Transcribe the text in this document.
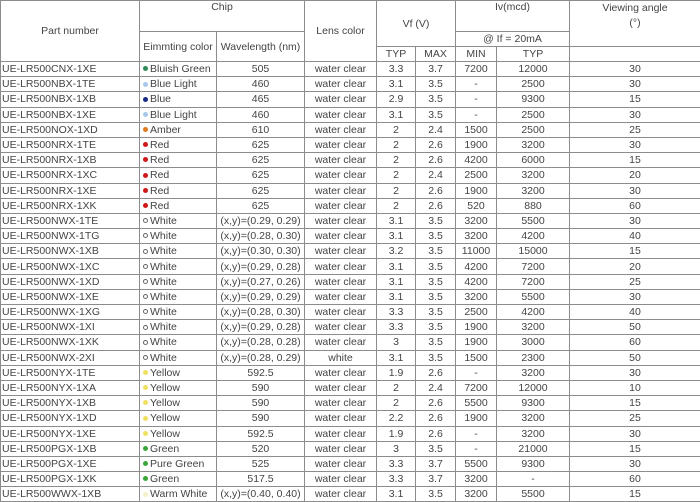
Part number	Chip		Lens color	Vf (V)		Iv(mcd)		Viewing angle
(°)
	Eimmting color	Wavelength (nm)				@ If = 20mA		
				TYP	MAX	MIN	TYP	
UE-LR500CNX-1XE	Bluish Green	505	water clear	3.3	3.7	7200	12000	30
UE-LR500NBX-1TE	Blue Light	460	water clear	3.1	3.5	-	2500	30
UE-LR500NBX-1XB	Blue	465	water clear	2.9	3.5	-	9300	15
UE-LR500NBX-1XE	Blue Light	460	water clear	3.1	3.5	-	2500	30
UE-LR500NOX-1XD	Amber	610	water clear	2	2.4	1500	2500	25
UE-LR500NRX-1TE	Red	625	water clear	2	2.6	1900	3200	30
UE-LR500NRX-1XB	Red	625	water clear	2	2.6	4200	6000	15
UE-LR500NRX-1XC	Red	625	water clear	2	2.4	2500	3200	20
UE-LR500NRX-1XE	Red	625	water clear	2	2.6	1900	3200	30
UE-LR500NRX-1XK	Red	625	water clear	2	2.6	520	880	60
UE-LR500NWX-1TE	White	(x,y)=(0.29, 0.29)	water clear	3.1	3.5	3200	5500	30
UE-LR500NWX-1TG	White	(x,y)=(0.28, 0.30)	water clear	3.1	3.5	3200	4200	40
UE-LR500NWX-1XB	White	(x,y)=(0.30, 0.30)	water clear	3.2	3.5	11000	15000	15
UE-LR500NWX-1XC	White	(x,y)=(0.29, 0.28)	water clear	3.1	3.5	4200	7200	20
UE-LR500NWX-1XD	White	(x,y)=(0.27, 0.26)	water clear	3.1	3.5	4200	7200	25
UE-LR500NWX-1XE	White	(x,y)=(0.29, 0.29)	water clear	3.1	3.5	3200	5500	30
UE-LR500NWX-1XG	White	(x,y)=(0.28, 0.30)	water clear	3.3	3.5	2500	4200	40
UE-LR500NWX-1XI	White	(x,y)=(0.29, 0.28)	water clear	3.3	3.5	1900	3200	50
UE-LR500NWX-1XK	White	(x,y)=(0.28, 0.28)	water clear	3	3.5	1900	3000	60
UE-LR500NWX-2XI	White	(x,y)=(0.28, 0.29)	white	3.1	3.5	1500	2300	50
UE-LR500NYX-1TE	Yellow	592.5	water clear	1.9	2.6	-	3200	30
UE-LR500NYX-1XA	Yellow	590	water clear	2	2.4	7200	12000	10
UE-LR500NYX-1XB	Yellow	590	water clear	2	2.6	5500	9300	15
UE-LR500NYX-1XD	Yellow	590	water clear	2.2	2.6	1900	3200	25
UE-LR500NYX-1XE	Yellow	592.5	water clear	1.9	2.6	-	3200	30
UE-LR500PGX-1XB	Green	520	water clear	3	3.5	-	21000	15
UE-LR500PGX-1XE	Pure Green	525	water clear	3.3	3.7	5500	9300	30
UE-LR500PGX-1XK	Green	517.5	water clear	3.3	3.7	3200	-	60
UE-LR500WWX-1XB	Warm White	(x,y)=(0.40, 0.40)	water clear	3.1	3.5	3200	5500	15
